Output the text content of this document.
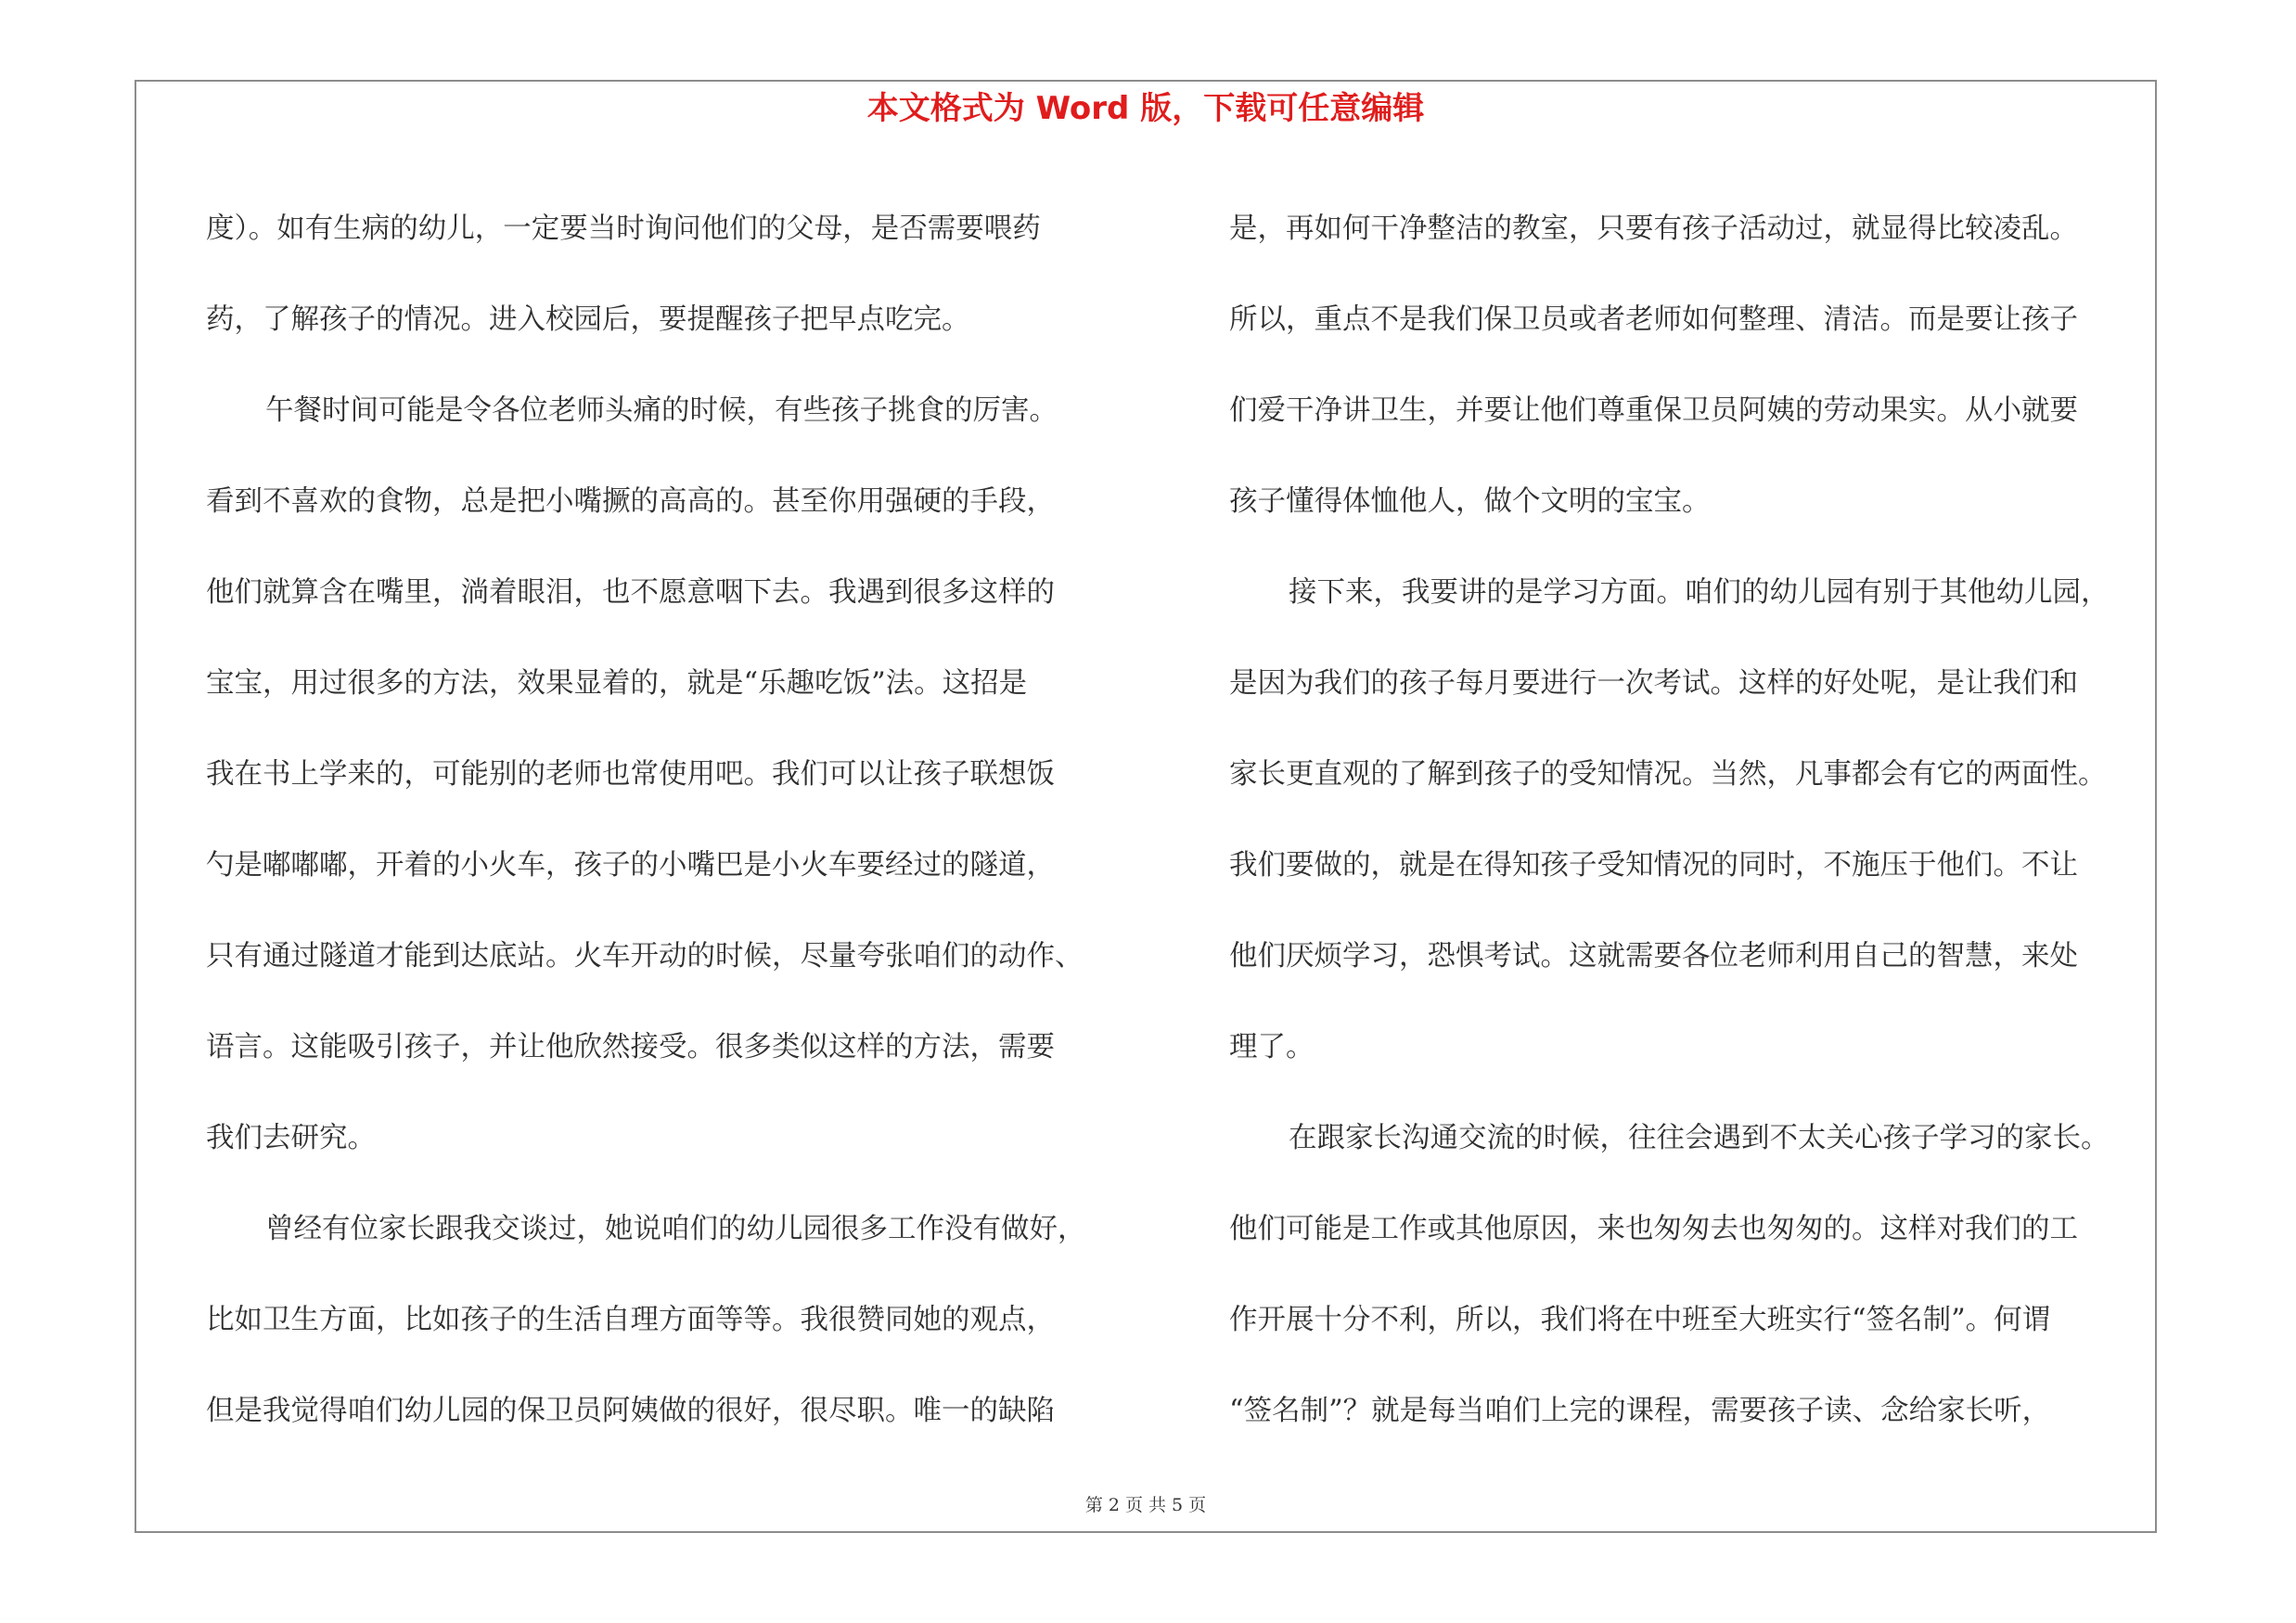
本文格式为 Word 版，下载可任意编辑
度）。如有生病的幼儿，一定要当时询问他们的父母，是否需要喂药
药，了解孩子的情况。进入校园后，要提醒孩子把早点吃完。
午餐时间可能是令各位老师头痛的时候，有些孩子挑食的厉害。
看到不喜欢的食物，总是把小嘴撅的高高的。甚至你用强硬的手段，
他们就算含在嘴里，淌着眼泪，也不愿意咽下去。我遇到很多这样的
宝宝，用过很多的方法，效果显着的，就是“乐趣吃饭”法。这招是
我在书上学来的，可能别的老师也常使用吧。我们可以让孩子联想饭
勺是嘟嘟嘟，开着的小火车，孩子的小嘴巴是小火车要经过的隧道，
只有通过隧道才能到达底站。火车开动的时候，尽量夸张咱们的动作、
语言。这能吸引孩子，并让他欣然接受。很多类似这样的方法，需要
我们去研究。
曾经有位家长跟我交谈过，她说咱们的幼儿园很多工作没有做好，
比如卫生方面，比如孩子的生活自理方面等等。我很赞同她的观点，
但是我觉得咱们幼儿园的保卫员阿姨做的很好，很尽职。唯一的缺陷
是，再如何干净整洁的教室，只要有孩子活动过，就显得比较凌乱。
所以，重点不是我们保卫员或者老师如何整理、清洁。而是要让孩子
们爱干净讲卫生，并要让他们尊重保卫员阿姨的劳动果实。从小就要
孩子懂得体恤他人，做个文明的宝宝。
接下来，我要讲的是学习方面。咱们的幼儿园有别于其他幼儿园，
是因为我们的孩子每月要进行一次考试。这样的好处呢，是让我们和
家长更直观的了解到孩子的受知情况。当然，凡事都会有它的两面性。
我们要做的，就是在得知孩子受知情况的同时，不施压于他们。不让
他们厌烦学习，恐惧考试。这就需要各位老师利用自己的智慧，来处
理了。
在跟家长沟通交流的时候，往往会遇到不太关心孩子学习的家长。
他们可能是工作或其他原因，来也匆匆去也匆匆的。这样对我们的工
作开展十分不利，所以，我们将在中班至大班实行“签名制”。何谓
“签名制”？就是每当咱们上完的课程，需要孩子读、念给家长听，
第 2 页 共 5 页
